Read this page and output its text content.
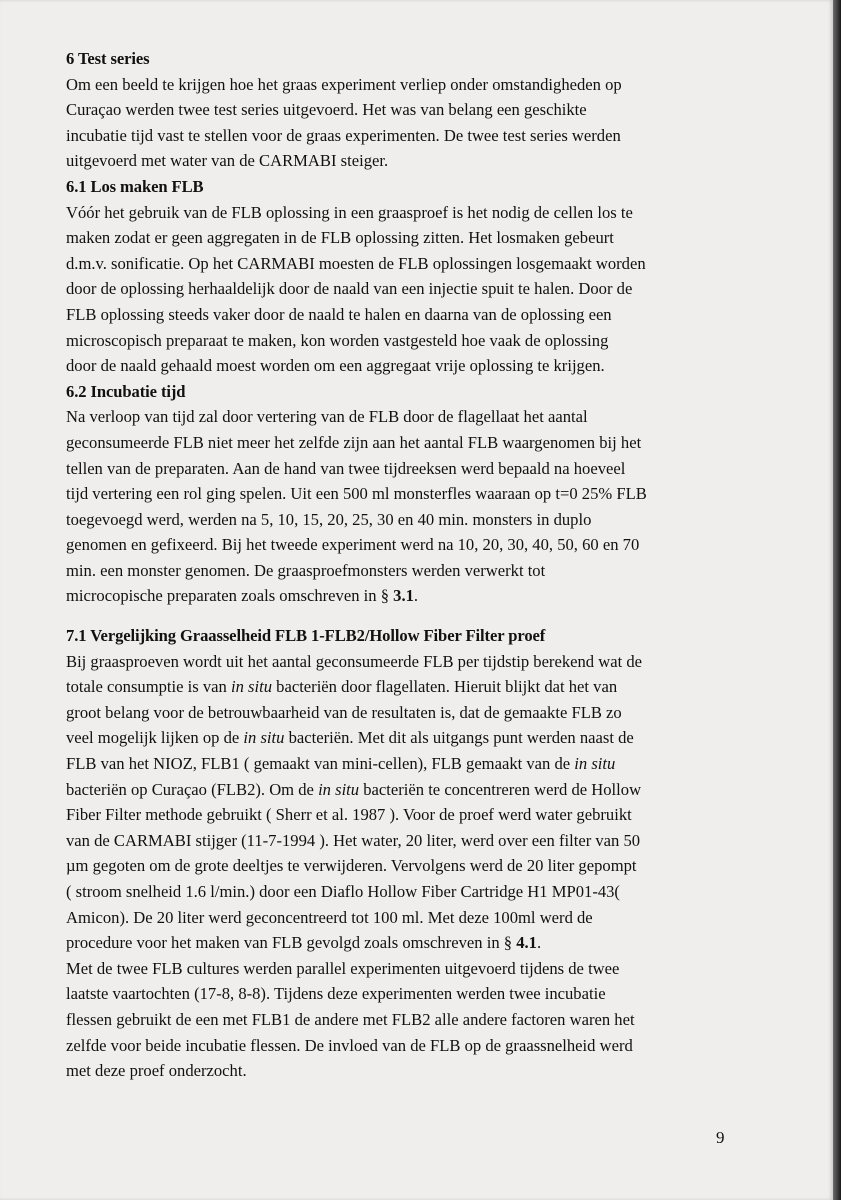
6 Test series

Om een beeld te krijgen hoe het graas experiment verliep onder omstandigheden op

Curaçao werden twee test series uitgevoerd. Het was van belang een geschikte

incubatie tijd vast te stellen voor de graas experimenten. De twee test series werden

uitgevoerd met water van de CARMABI steiger.

6.1 Los maken FLB

Vóór het gebruik van de FLB oplossing in een graasproef is het nodig de cellen los te

maken zodat er geen aggregaten in de FLB oplossing zitten. Het losmaken gebeurt

d.m.v. sonificatie. Op het CARMABI moesten de FLB oplossingen losgemaakt worden

door de oplossing herhaaldelijk door de naald van een injectie spuit te halen. Door de

FLB oplossing steeds vaker door de naald te halen en daarna van de oplossing een

microscopisch preparaat te maken, kon worden vastgesteld hoe vaak de oplossing

door de naald gehaald moest worden om een aggregaat vrije oplossing te krijgen.

6.2 Incubatie tijd

Na verloop van tijd zal door vertering van de FLB door de flagellaat het aantal

geconsumeerde FLB niet meer het zelfde zijn aan het aantal FLB waargenomen bij het

tellen van de preparaten. Aan de hand van twee tijdreeksen werd bepaald na hoeveel

tijd vertering een rol ging spelen. Uit een 500 ml monsterfles waaraan op t=0 25% FLB

toegevoegd werd, werden na 5, 10, 15, 20, 25, 30 en 40 min. monsters in duplo

genomen en gefixeerd. Bij het tweede experiment werd na 10, 20, 30, 40, 50, 60 en 70

min. een monster genomen. De graasproefmonsters werden verwerkt tot

microcopische preparaten zoals omschreven in § 3.1.

7.1 Vergelijking Graasselheid FLB 1-FLB2/Hollow Fiber Filter proef

Bij graasproeven wordt uit het aantal geconsumeerde FLB per tijdstip berekend wat de

totale consumptie is van in situ bacteriën door flagellaten. Hieruit blijkt dat het van

groot belang voor de betrouwbaarheid van de resultaten is, dat de gemaakte FLB zo

veel mogelijk lijken op de in situ bacteriën. Met dit als uitgangs punt werden naast de

FLB van het NIOZ, FLB1 ( gemaakt van mini-cellen), FLB gemaakt van de in situ

bacteriën op Curaçao (FLB2). Om de in situ bacteriën te concentreren werd de Hollow

Fiber Filter methode gebruikt ( Sherr et al. 1987 ). Voor de proef werd water gebruikt

van de CARMABI stijger (11-7-1994 ). Het water, 20 liter, werd over een filter van 50

µm gegoten om de grote deeltjes te verwijderen. Vervolgens werd de 20 liter gepompt

( stroom snelheid 1.6 l/min.) door een Diaflo Hollow Fiber Cartridge H1 MP01-43(

Amicon). De 20 liter werd geconcentreerd tot 100 ml. Met deze 100ml werd de

procedure voor het maken van FLB gevolgd zoals omschreven in § 4.1.

Met de twee FLB cultures werden parallel experimenten uitgevoerd tijdens de twee

laatste vaartochten (17-8, 8-8). Tijdens deze experimenten werden twee incubatie

flessen gebruikt de een met FLB1 de andere met FLB2 alle andere factoren waren het

zelfde voor beide incubatie flessen. De invloed van de FLB op de graassnelheid werd

met deze proef onderzocht.

9
